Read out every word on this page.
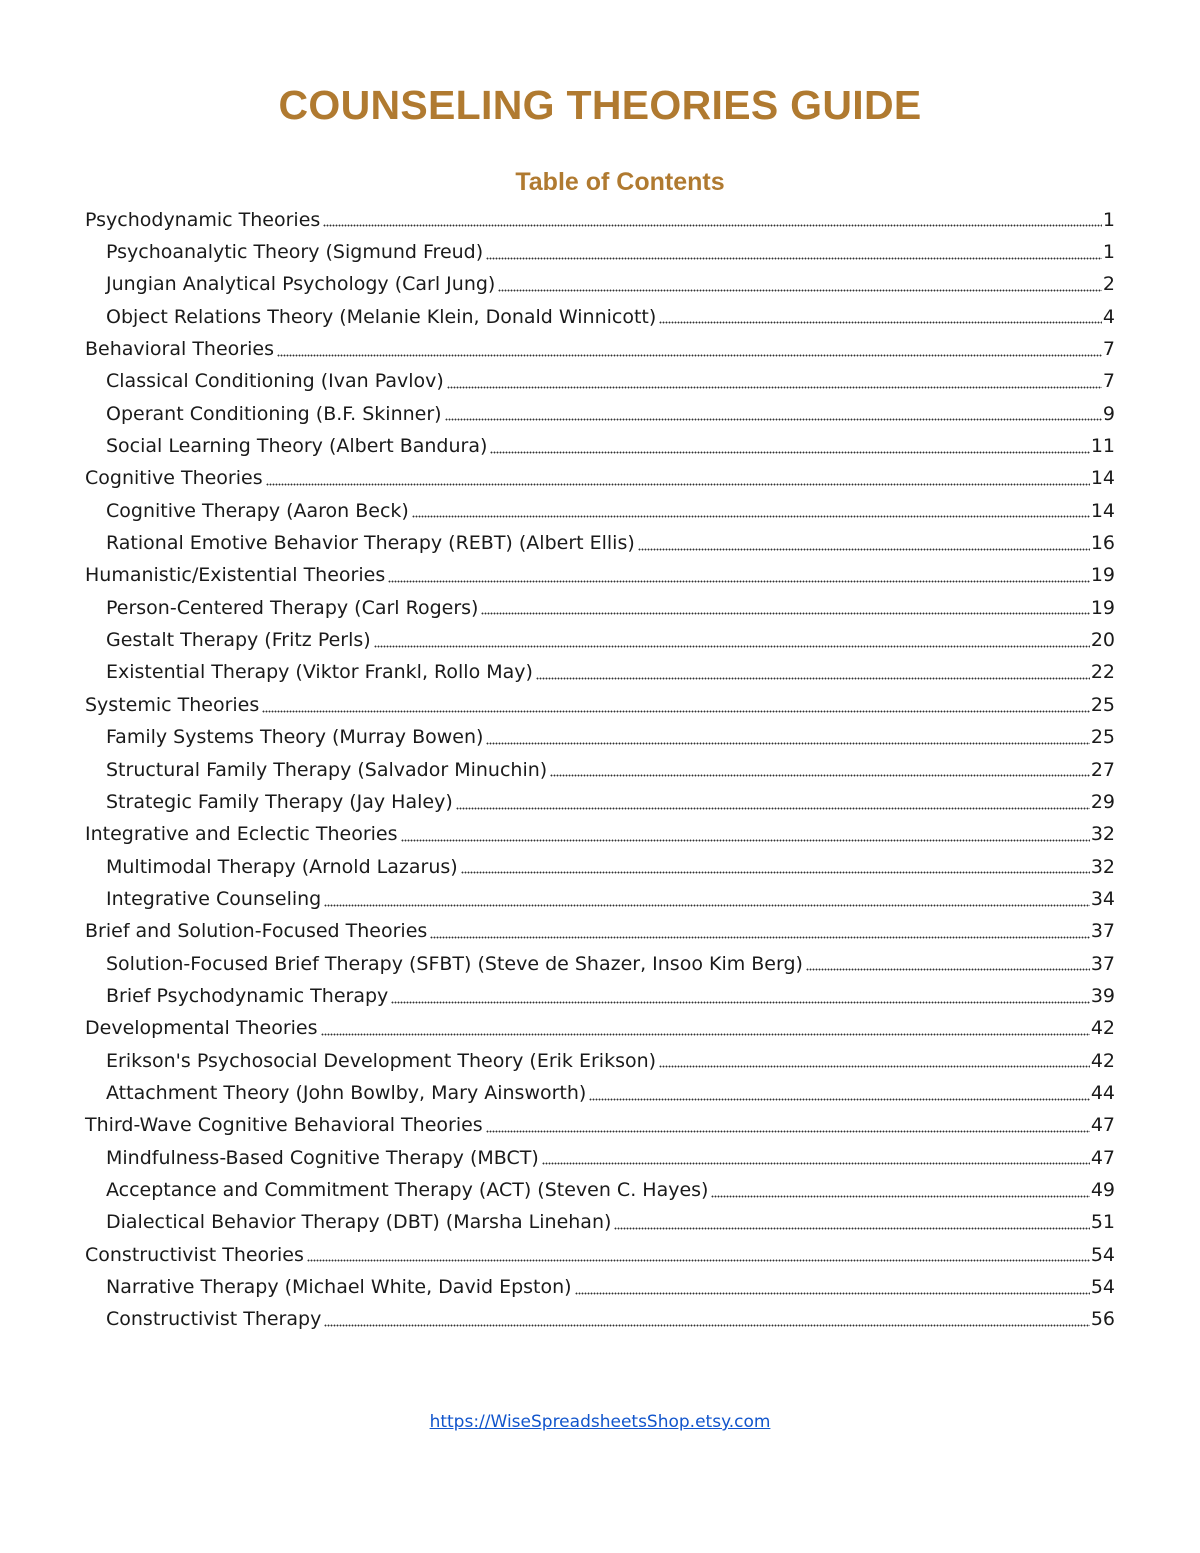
COUNSELING THEORIES GUIDE
Table of Contents
Psychodynamic Theories	1
Psychoanalytic Theory (Sigmund Freud)	1
Jungian Analytical Psychology (Carl Jung)	2
Object Relations Theory (Melanie Klein, Donald Winnicott)	4
Behavioral Theories	7
Classical Conditioning (Ivan Pavlov)	7
Operant Conditioning (B.F. Skinner)	9
Social Learning Theory (Albert Bandura)	11
Cognitive Theories	14
Cognitive Therapy (Aaron Beck)	14
Rational Emotive Behavior Therapy (REBT) (Albert Ellis)	16
Humanistic/Existential Theories	19
Person-Centered Therapy (Carl Rogers)	19
Gestalt Therapy (Fritz Perls)	20
Existential Therapy (Viktor Frankl, Rollo May)	22
Systemic Theories	25
Family Systems Theory (Murray Bowen)	25
Structural Family Therapy (Salvador Minuchin)	27
Strategic Family Therapy (Jay Haley)	29
Integrative and Eclectic Theories	32
Multimodal Therapy (Arnold Lazarus)	32
Integrative Counseling	34
Brief and Solution-Focused Theories	37
Solution-Focused Brief Therapy (SFBT) (Steve de Shazer, Insoo Kim Berg)	37
Brief Psychodynamic Therapy	39
Developmental Theories	42
Erikson's Psychosocial Development Theory (Erik Erikson)	42
Attachment Theory (John Bowlby, Mary Ainsworth)	44
Third-Wave Cognitive Behavioral Theories	47
Mindfulness-Based Cognitive Therapy (MBCT)	47
Acceptance and Commitment Therapy (ACT) (Steven C. Hayes)	49
Dialectical Behavior Therapy (DBT) (Marsha Linehan)	51
Constructivist Theories	54
Narrative Therapy (Michael White, David Epston)	54
Constructivist Therapy	56
https://WiseSpreadsheetsShop.etsy.com
